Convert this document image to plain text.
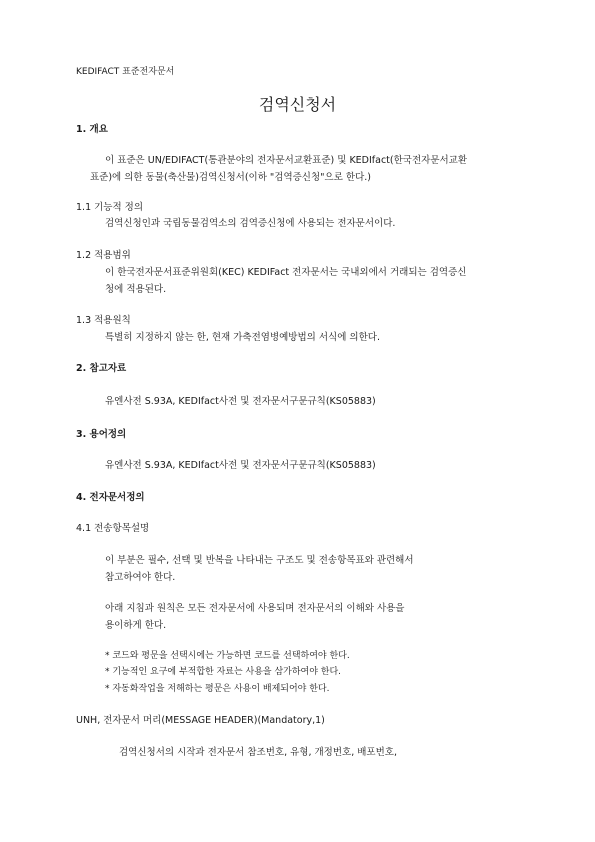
KEDIFACT 표준전자문서
검역신청서
1. 개요
이 표준은 UN/EDIFACT(통관분야의 전자문서교환표준) 및 KEDIfact(한국전자문서교환
표준)에 의한 동물(축산물)검역신청서(이하 "검역증신청"으로 한다.)
1.1 기능적 정의
검역신청인과 국립동물검역소의 검역증신청에 사용되는 전자문서이다.
1.2 적용범위
이 한국전자문서표준위원회(KEC) KEDIFact 전자문서는 국내외에서 거래되는 검역증신
청에 적용된다.
1.3 적용원칙
특별히 지정하지 않는 한, 현재 가축전염병예방법의 서식에 의한다.
2. 참고자료
유엔사전 S.93A, KEDIfact사전 및 전자문서구문규칙(KS05883)
3. 용어정의
유엔사전 S.93A, KEDIfact사전 및 전자문서구문규칙(KS05883)
4. 전자문서정의
4.1 전송항목설명
이 부분은 필수, 선택 및 반복을 나타내는 구조도 및 전송항목표와 관련해서
참고하여야 한다.
아래 지침과 원칙은 모든 전자문서에 사용되며 전자문서의 이해와 사용을
용이하게 한다.
* 코드와 평문을 선택시에는 가능하면 코드를 선택하여야 한다.
* 기능적인 요구에 부적합한 자료는 사용을 삼가하여야 한다.
* 자동화작업을 저해하는 평문은 사용이 배제되어야 한다.
UNH, 전자문서 머리(MESSAGE HEADER)(Mandatory,1)
검역신청서의 시작과 전자문서 참조번호, 유형, 개정번호, 배포번호,
